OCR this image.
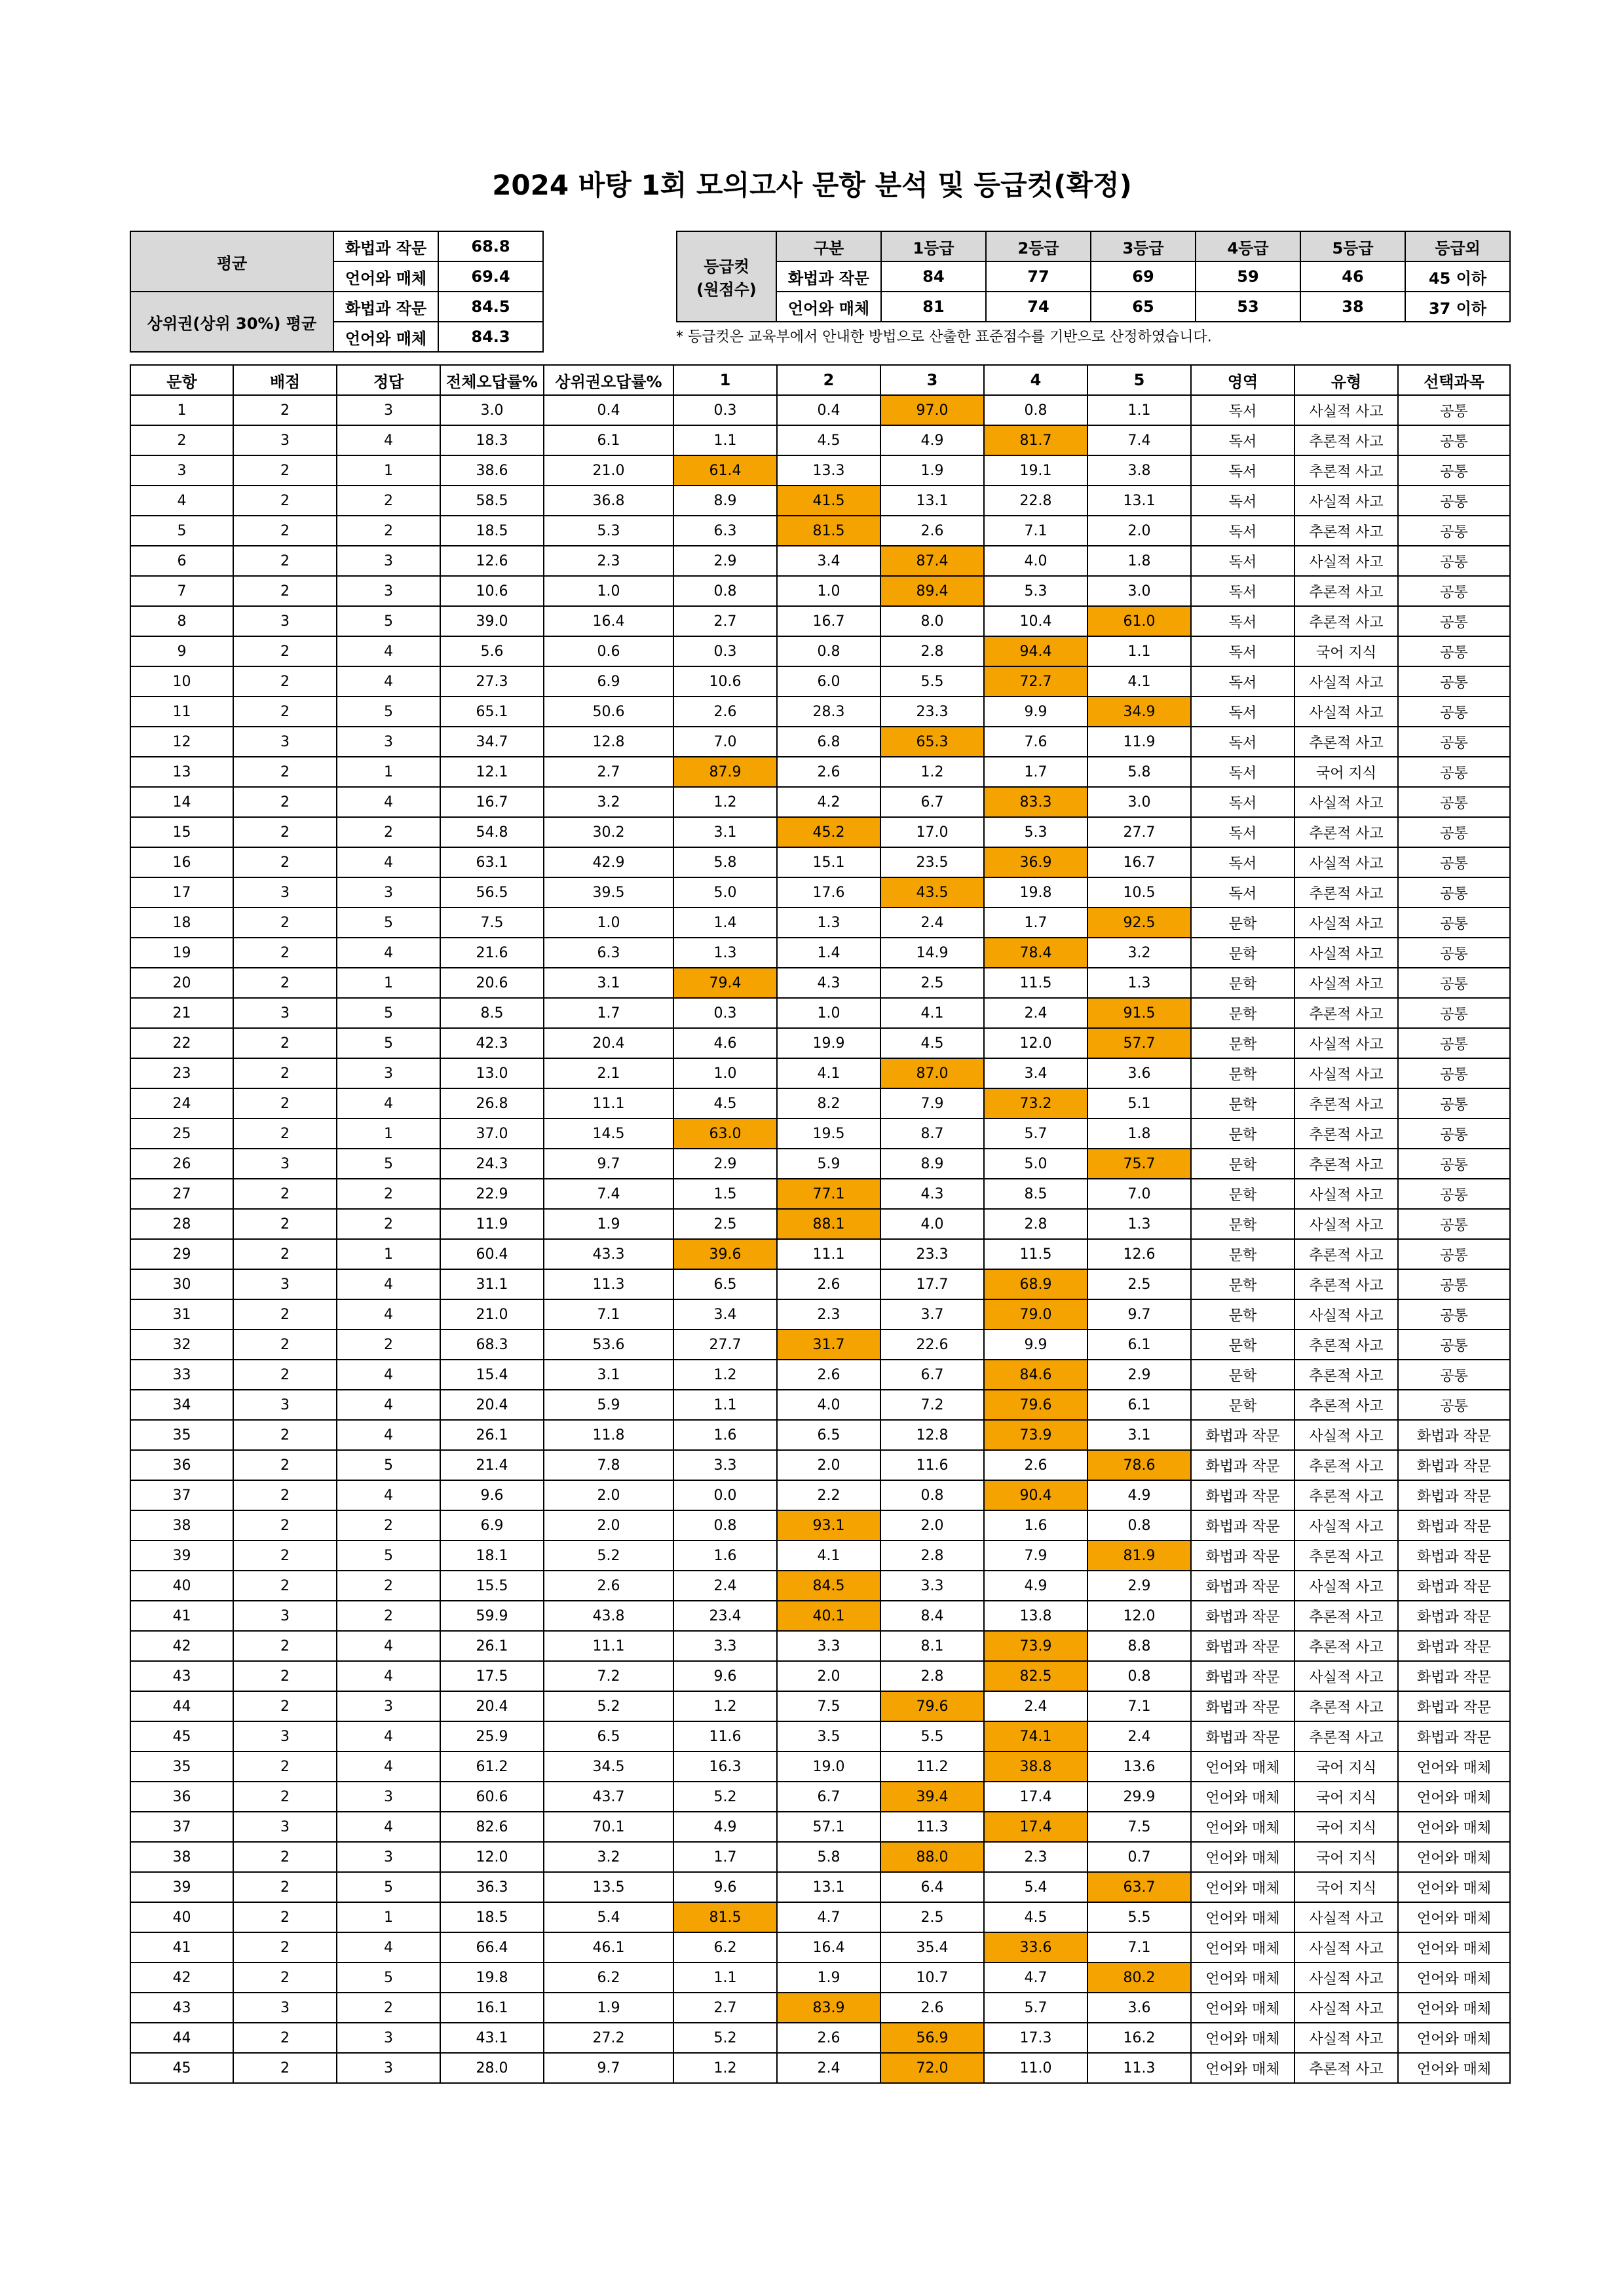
2024 바탕 1회 모의고사 문항 분석 및 등급컷(확정)
평균	화법과 작문	68.8
	언어와 매체	69.4
상위권(상위 30%) 평균	화법과 작문	84.5
	언어와 매체	84.3
등급컷
(원점수)	구분	1등급	2등급	3등급	4등급	5등급	등급외
	화법과 작문	84	77	69	59	46	45 이하
	언어와 매체	81	74	65	53	38	37 이하
* 등급컷은 교육부에서 안내한 방법으로 산출한 표준점수를 기반으로 산정하였습니다.
문항	배점	정답	전체오답률%	상위권오답률%	1	2	3	4	5	영역	유형	선택과목
1	2	3	3.0	0.4	0.3	0.4	97.0	0.8	1.1	독서	사실적 사고	공통
2	3	4	18.3	6.1	1.1	4.5	4.9	81.7	7.4	독서	추론적 사고	공통
3	2	1	38.6	21.0	61.4	13.3	1.9	19.1	3.8	독서	추론적 사고	공통
4	2	2	58.5	36.8	8.9	41.5	13.1	22.8	13.1	독서	사실적 사고	공통
5	2	2	18.5	5.3	6.3	81.5	2.6	7.1	2.0	독서	추론적 사고	공통
6	2	3	12.6	2.3	2.9	3.4	87.4	4.0	1.8	독서	사실적 사고	공통
7	2	3	10.6	1.0	0.8	1.0	89.4	5.3	3.0	독서	추론적 사고	공통
8	3	5	39.0	16.4	2.7	16.7	8.0	10.4	61.0	독서	추론적 사고	공통
9	2	4	5.6	0.6	0.3	0.8	2.8	94.4	1.1	독서	국어 지식	공통
10	2	4	27.3	6.9	10.6	6.0	5.5	72.7	4.1	독서	사실적 사고	공통
11	2	5	65.1	50.6	2.6	28.3	23.3	9.9	34.9	독서	사실적 사고	공통
12	3	3	34.7	12.8	7.0	6.8	65.3	7.6	11.9	독서	추론적 사고	공통
13	2	1	12.1	2.7	87.9	2.6	1.2	1.7	5.8	독서	국어 지식	공통
14	2	4	16.7	3.2	1.2	4.2	6.7	83.3	3.0	독서	사실적 사고	공통
15	2	2	54.8	30.2	3.1	45.2	17.0	5.3	27.7	독서	추론적 사고	공통
16	2	4	63.1	42.9	5.8	15.1	23.5	36.9	16.7	독서	사실적 사고	공통
17	3	3	56.5	39.5	5.0	17.6	43.5	19.8	10.5	독서	추론적 사고	공통
18	2	5	7.5	1.0	1.4	1.3	2.4	1.7	92.5	문학	사실적 사고	공통
19	2	4	21.6	6.3	1.3	1.4	14.9	78.4	3.2	문학	사실적 사고	공통
20	2	1	20.6	3.1	79.4	4.3	2.5	11.5	1.3	문학	사실적 사고	공통
21	3	5	8.5	1.7	0.3	1.0	4.1	2.4	91.5	문학	추론적 사고	공통
22	2	5	42.3	20.4	4.6	19.9	4.5	12.0	57.7	문학	사실적 사고	공통
23	2	3	13.0	2.1	1.0	4.1	87.0	3.4	3.6	문학	사실적 사고	공통
24	2	4	26.8	11.1	4.5	8.2	7.9	73.2	5.1	문학	추론적 사고	공통
25	2	1	37.0	14.5	63.0	19.5	8.7	5.7	1.8	문학	추론적 사고	공통
26	3	5	24.3	9.7	2.9	5.9	8.9	5.0	75.7	문학	추론적 사고	공통
27	2	2	22.9	7.4	1.5	77.1	4.3	8.5	7.0	문학	사실적 사고	공통
28	2	2	11.9	1.9	2.5	88.1	4.0	2.8	1.3	문학	사실적 사고	공통
29	2	1	60.4	43.3	39.6	11.1	23.3	11.5	12.6	문학	추론적 사고	공통
30	3	4	31.1	11.3	6.5	2.6	17.7	68.9	2.5	문학	추론적 사고	공통
31	2	4	21.0	7.1	3.4	2.3	3.7	79.0	9.7	문학	사실적 사고	공통
32	2	2	68.3	53.6	27.7	31.7	22.6	9.9	6.1	문학	추론적 사고	공통
33	2	4	15.4	3.1	1.2	2.6	6.7	84.6	2.9	문학	추론적 사고	공통
34	3	4	20.4	5.9	1.1	4.0	7.2	79.6	6.1	문학	추론적 사고	공통
35	2	4	26.1	11.8	1.6	6.5	12.8	73.9	3.1	화법과 작문	사실적 사고	화법과 작문
36	2	5	21.4	7.8	3.3	2.0	11.6	2.6	78.6	화법과 작문	추론적 사고	화법과 작문
37	2	4	9.6	2.0	0.0	2.2	0.8	90.4	4.9	화법과 작문	추론적 사고	화법과 작문
38	2	2	6.9	2.0	0.8	93.1	2.0	1.6	0.8	화법과 작문	사실적 사고	화법과 작문
39	2	5	18.1	5.2	1.6	4.1	2.8	7.9	81.9	화법과 작문	추론적 사고	화법과 작문
40	2	2	15.5	2.6	2.4	84.5	3.3	4.9	2.9	화법과 작문	사실적 사고	화법과 작문
41	3	2	59.9	43.8	23.4	40.1	8.4	13.8	12.0	화법과 작문	추론적 사고	화법과 작문
42	2	4	26.1	11.1	3.3	3.3	8.1	73.9	8.8	화법과 작문	추론적 사고	화법과 작문
43	2	4	17.5	7.2	9.6	2.0	2.8	82.5	0.8	화법과 작문	사실적 사고	화법과 작문
44	2	3	20.4	5.2	1.2	7.5	79.6	2.4	7.1	화법과 작문	추론적 사고	화법과 작문
45	3	4	25.9	6.5	11.6	3.5	5.5	74.1	2.4	화법과 작문	추론적 사고	화법과 작문
35	2	4	61.2	34.5	16.3	19.0	11.2	38.8	13.6	언어와 매체	국어 지식	언어와 매체
36	2	3	60.6	43.7	5.2	6.7	39.4	17.4	29.9	언어와 매체	국어 지식	언어와 매체
37	3	4	82.6	70.1	4.9	57.1	11.3	17.4	7.5	언어와 매체	국어 지식	언어와 매체
38	2	3	12.0	3.2	1.7	5.8	88.0	2.3	0.7	언어와 매체	국어 지식	언어와 매체
39	2	5	36.3	13.5	9.6	13.1	6.4	5.4	63.7	언어와 매체	국어 지식	언어와 매체
40	2	1	18.5	5.4	81.5	4.7	2.5	4.5	5.5	언어와 매체	사실적 사고	언어와 매체
41	2	4	66.4	46.1	6.2	16.4	35.4	33.6	7.1	언어와 매체	사실적 사고	언어와 매체
42	2	5	19.8	6.2	1.1	1.9	10.7	4.7	80.2	언어와 매체	사실적 사고	언어와 매체
43	3	2	16.1	1.9	2.7	83.9	2.6	5.7	3.6	언어와 매체	사실적 사고	언어와 매체
44	2	3	43.1	27.2	5.2	2.6	56.9	17.3	16.2	언어와 매체	사실적 사고	언어와 매체
45	2	3	28.0	9.7	1.2	2.4	72.0	11.0	11.3	언어와 매체	추론적 사고	언어와 매체
